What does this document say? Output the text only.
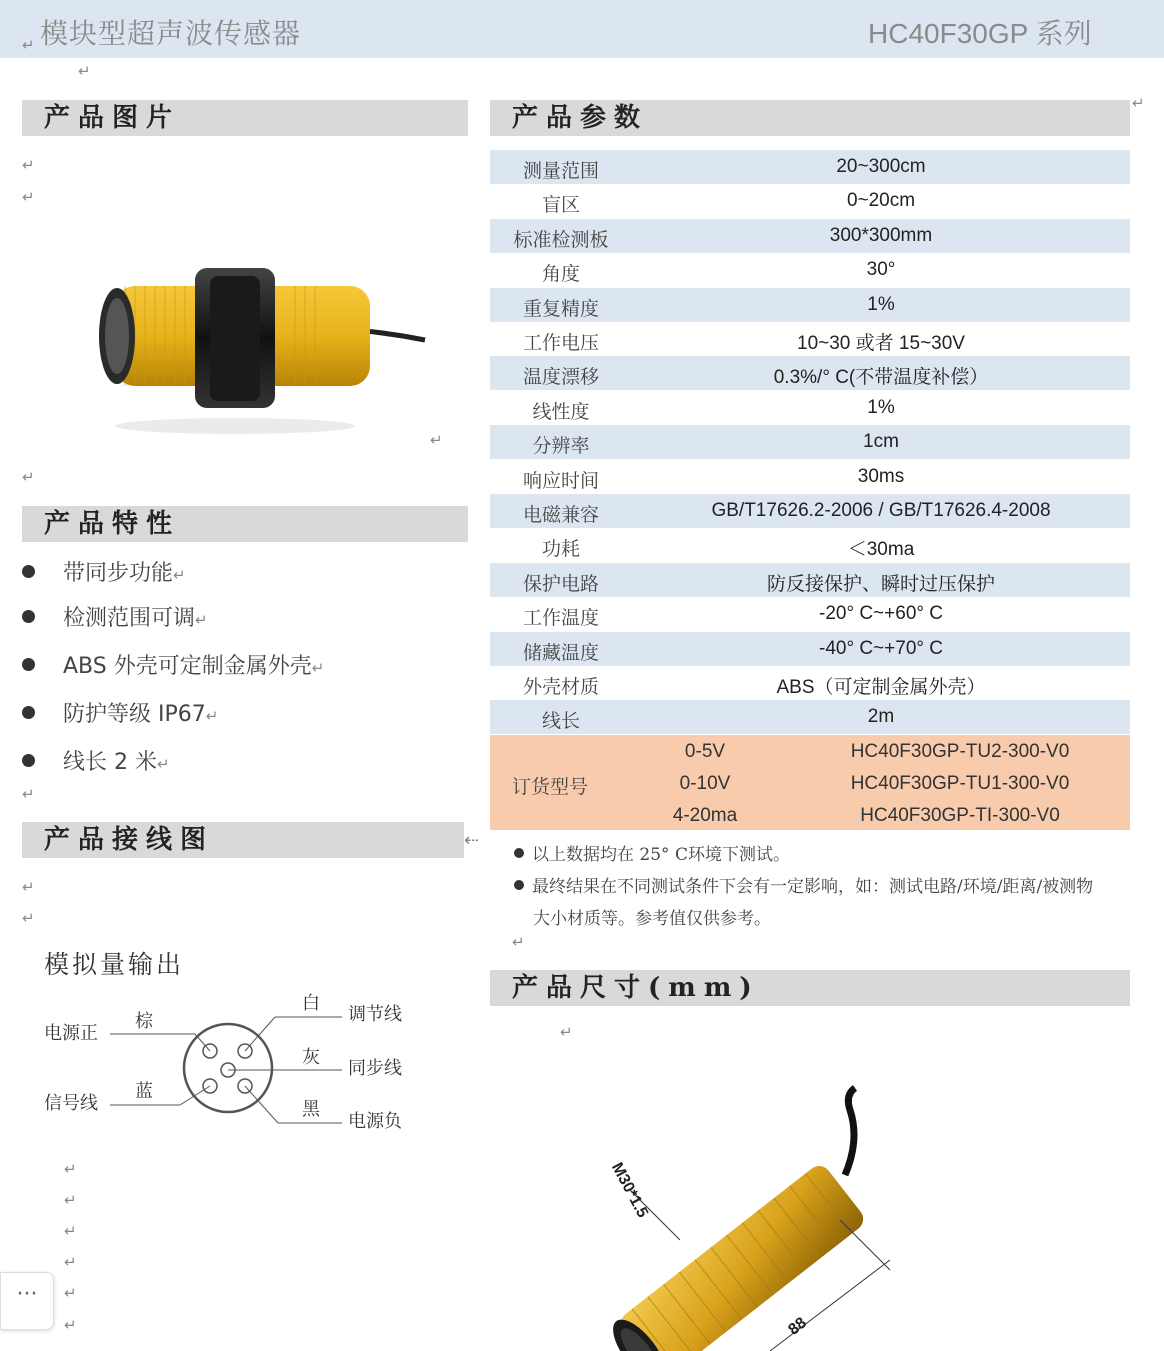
↵ 模块型超声波传感器	HC40F30GP 系列
↵
产品图片	产品参数	↵
↵
↵
↵
↵
产品特性
带同步功能↵
检测范围可调↵
ABS 外壳可定制金属外壳↵
防护等级 IP67↵
线长 2 米↵
↵
产品接线图	⇠
↵
↵
模拟量输出
电源正
信号线
棕
蓝
白
灰
黑
调节线
同步线
电源负
↵
↵
↵
↵
↵
↵
测量范围	20~300cm
盲区	0~20cm
标准检测板	300*300mm
角度	30°
重复精度	1%
工作电压	10~30 或者 15~30V
温度漂移	0.3%/° C(不带温度补偿）
线性度	1%
分辨率	1cm
响应时间	30ms
电磁兼容	GB/T17626.2-2006 / GB/T17626.4-2008
功耗	＜30ma
保护电路	防反接保护、瞬时过压保护
工作温度	-20° C~+60° C
储藏温度	-40° C~+70° C
外壳材质	ABS（可定制金属外壳）
线长	2m
订货型号
0-5V	HC40F30GP-TU2-300-V0
0-10V	HC40F30GP-TU1-300-V0
4-20ma	HC40F30GP-TI-300-V0
以上数据均在 25° C环境下测试。
最终结果在不同测试条件下会有一定影响，如：测试电路/环境/距离/被测物
大小材质等。参考值仅供参考。
↵
产品尺寸(mm)
↵
M30*1.5
88
···
